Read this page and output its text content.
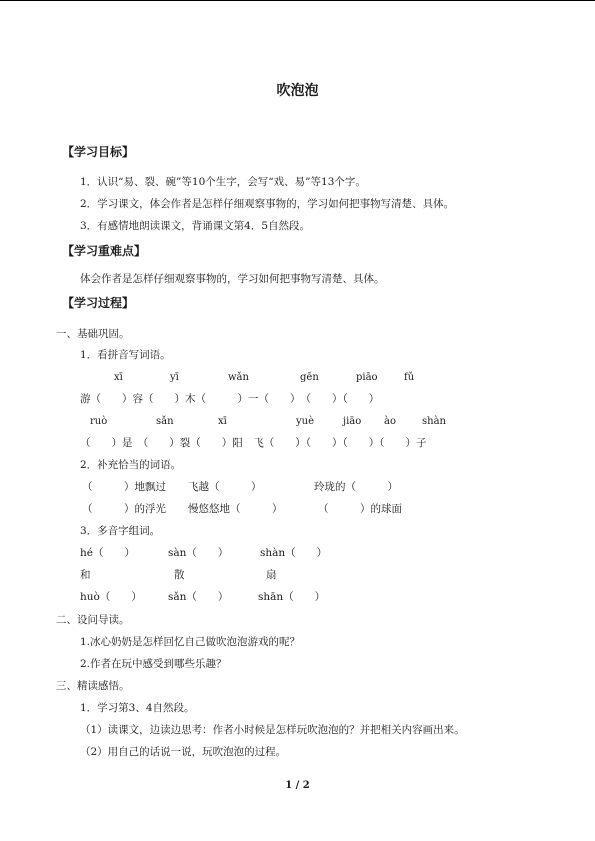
吹泡泡
【学习目标】
1．认识“易、裂、碗”等10个生字，会写“戏、易”等13个字。
2．学习课文，体会作者是怎样仔细观察事物的，学习如何把事物写清楚、具体。
3．有感情地朗读课文，背诵课文第4．5自然段。
【学习重难点】
体会作者是怎样仔细观察事物的，学习如何把事物写清楚、具体。
【学习过程】
一、基础巩固。
1．看拼音写词语。
xī	yī	wǎn	gēn	piāo	fǔ
游（　　）容（　　）木（　　　）一（　　）　（　　）（　　）
ruò	sǎn	xī	yuè	jiāo ào	shàn
（　　）是　（　　）裂（　　）阳　飞（　　）（　　）（　　）（　　）子
2．补充恰当的词语。
（　　　）地飘过 飞越（　　　）	玲珑的（　　　）
（　　　）的浮光 慢悠悠地（　　　）	（　　　）的球面
3．多音字组词。
hé（　　）	sàn（　　）	shàn（　　）
和	散	扇
huò（　　） sǎn（　　）	shān（　　）
二、设问导读。
1.冰心奶奶是怎样回忆自己做吹泡泡游戏的呢？
2.作者在玩中感受到哪些乐趣？
三、精读感悟。
1．学习第3、4自然段。
（1）读课文，边读边思考：作者小时候是怎样玩吹泡泡的？并把相关内容画出来。
（2）用自己的话说一说，玩吹泡泡的过程。
1 / 2
